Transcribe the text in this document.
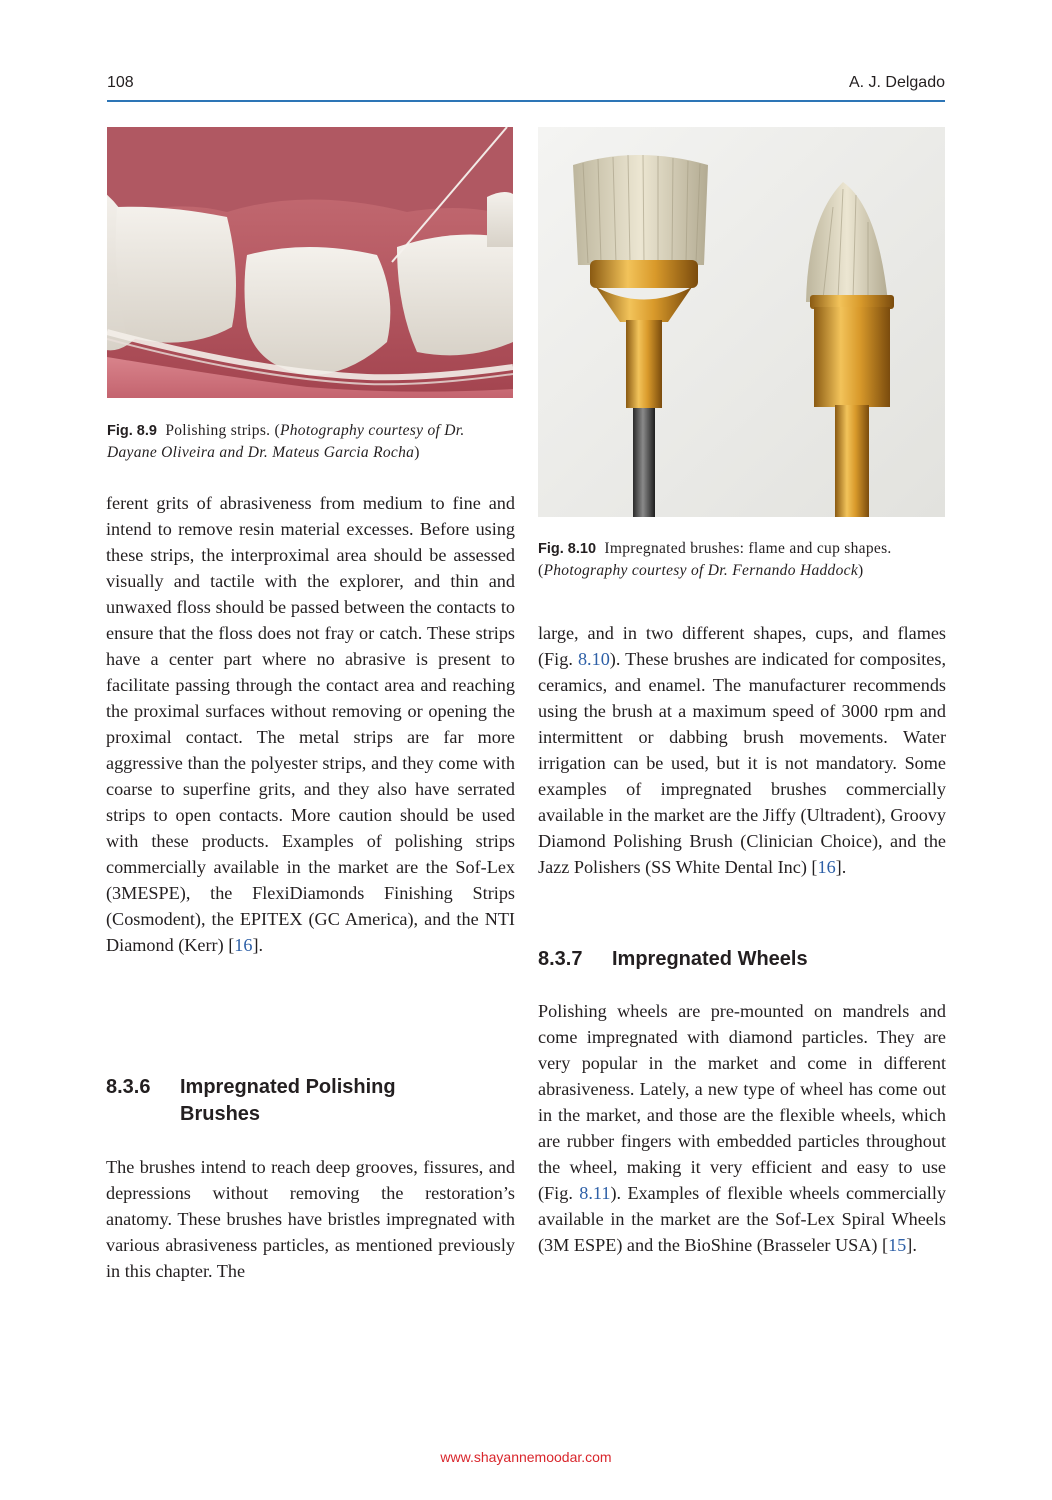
108	A. J. Delgado
Fig. 8.9 Polishing strips. (Photography courtesy of Dr. Dayane Oliveira and Dr. Mateus Garcia Rocha)
Fig. 8.10 Impregnated brushes: flame and cup shapes. (Photography courtesy of Dr. Fernando Haddock)

ferent grits of abrasiveness from medium to fine and intend to remove resin material excesses. Before using these strips, the interproximal area should be assessed visually and tactile with the explorer, and thin and unwaxed floss should be passed between the contacts to ensure that the floss does not fray or catch. These strips have a center part where no abrasive is present to facilitate passing through the contact area and reaching the proximal surfaces without removing or opening the proximal contact. The metal strips are far more aggressive than the polyester strips, and they come with coarse to superfine grits, and they also have serrated strips to open contacts. More caution should be used with these products. Examples of polishing strips commercially available in the market are the Sof-Lex (3MESPE), the FlexiDiamonds Finishing Strips (Cosmodent), the EPITEX (GC America), and the NTI Diamond (Kerr) [16].

8.3.6 Impregnated Polishing Brushes

The brushes intend to reach deep grooves, fissures, and depressions without removing the restoration’s anatomy. These brushes have bristles impregnated with various abrasiveness particles, as mentioned previously in this chapter. The

large, and in two different shapes, cups, and flames (Fig. 8.10). These brushes are indicated for composites, ceramics, and enamel. The manufacturer recommends using the brush at a maximum speed of 3000 rpm and intermittent or dabbing brush movements. Water irrigation can be used, but it is not mandatory. Some examples of impregnated brushes commercially available in the market are the Jiffy (Ultradent), Groovy Diamond Polishing Brush (Clinician Choice), and the Jazz Polishers (SS White Dental Inc) [16].

8.3.7 Impregnated Wheels

Polishing wheels are pre-mounted on mandrels and come impregnated with diamond particles. They are very popular in the market and come in different abrasiveness. Lately, a new type of wheel has come out in the market, and those are the flexible wheels, which are rubber fingers with embedded particles throughout the wheel, making it very efficient and easy to use (Fig. 8.11). Examples of flexible wheels commercially available in the market are the Sof-Lex Spiral Wheels (3M ESPE) and the BioShine (Brasseler USA) [15].

www.shayannemoodar.com
